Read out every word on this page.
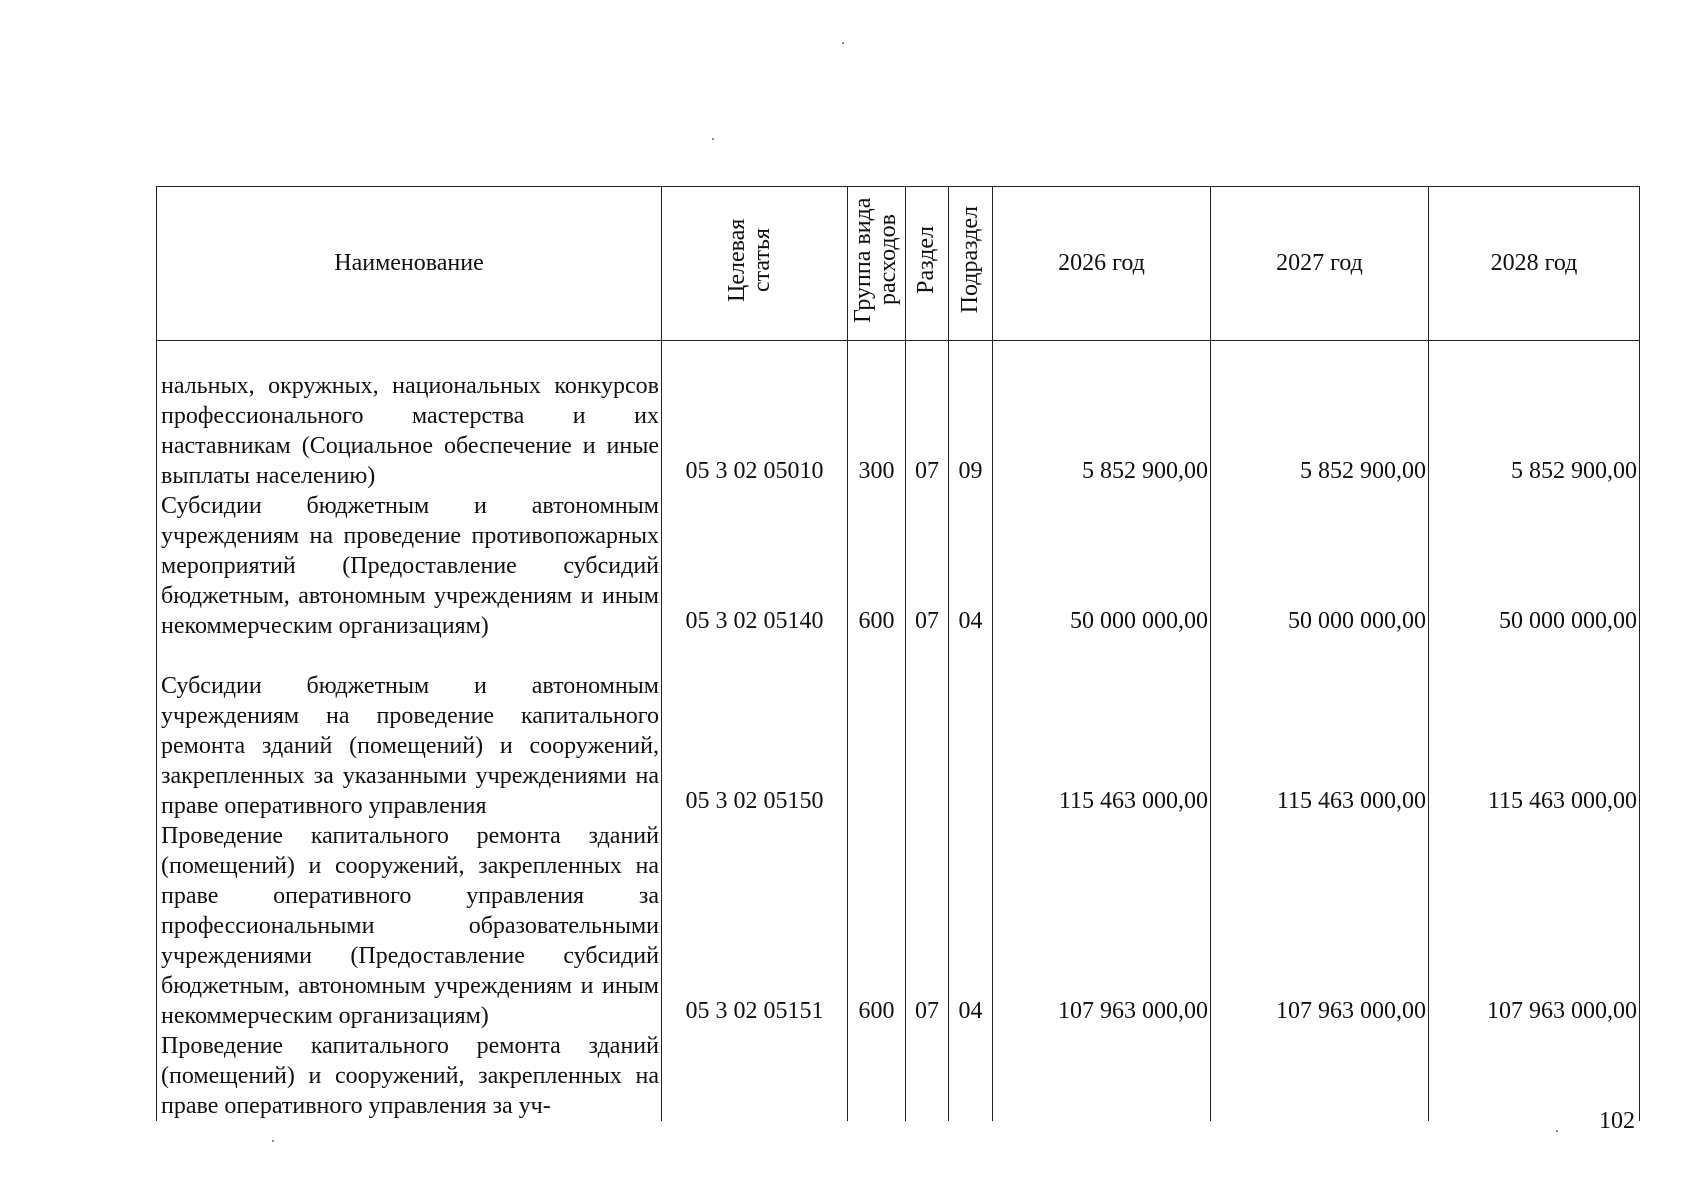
Наименование	Целевая статья	Группа вида расходов	Раздел	Подраздел	2026 год	2027 год	2028 год
нальных, окружных, национальных конкурсов профессионального мастерства и их наставникам (Социальное обеспечение и иные выплаты населению)	05 3 02 05010	300	07	09	5 852 900,00	5 852 900,00	5 852 900,00
Субсидии бюджетным и автономным учреждениям на проведение противопожарных мероприятий (Предоставление субсидий бюджетным, автономным учреждениям и иным некоммерческим организациям)	05 3 02 05140	600	07	04	50 000 000,00	50 000 000,00	50 000 000,00
Субсидии бюджетным и автономным учреждениям на проведение капитального ремонта зданий (помещений) и сооружений, закрепленных за указанными учреждениями на праве оперативного управления	05 3 02 05150				115 463 000,00	115 463 000,00	115 463 000,00
Проведение капитального ремонта зданий (помещений) и сооружений, закрепленных на праве оперативного управления за профессиональными образовательными учреждениями (Предоставление субсидий бюджетным, автономным учреждениям и иным некоммерческим организациям)	05 3 02 05151	600	07	04	107 963 000,00	107 963 000,00	107 963 000,00
Проведение капитального ремонта зданий (помещений) и сооружений, закрепленных на праве оперативного управления за уч-							
102
